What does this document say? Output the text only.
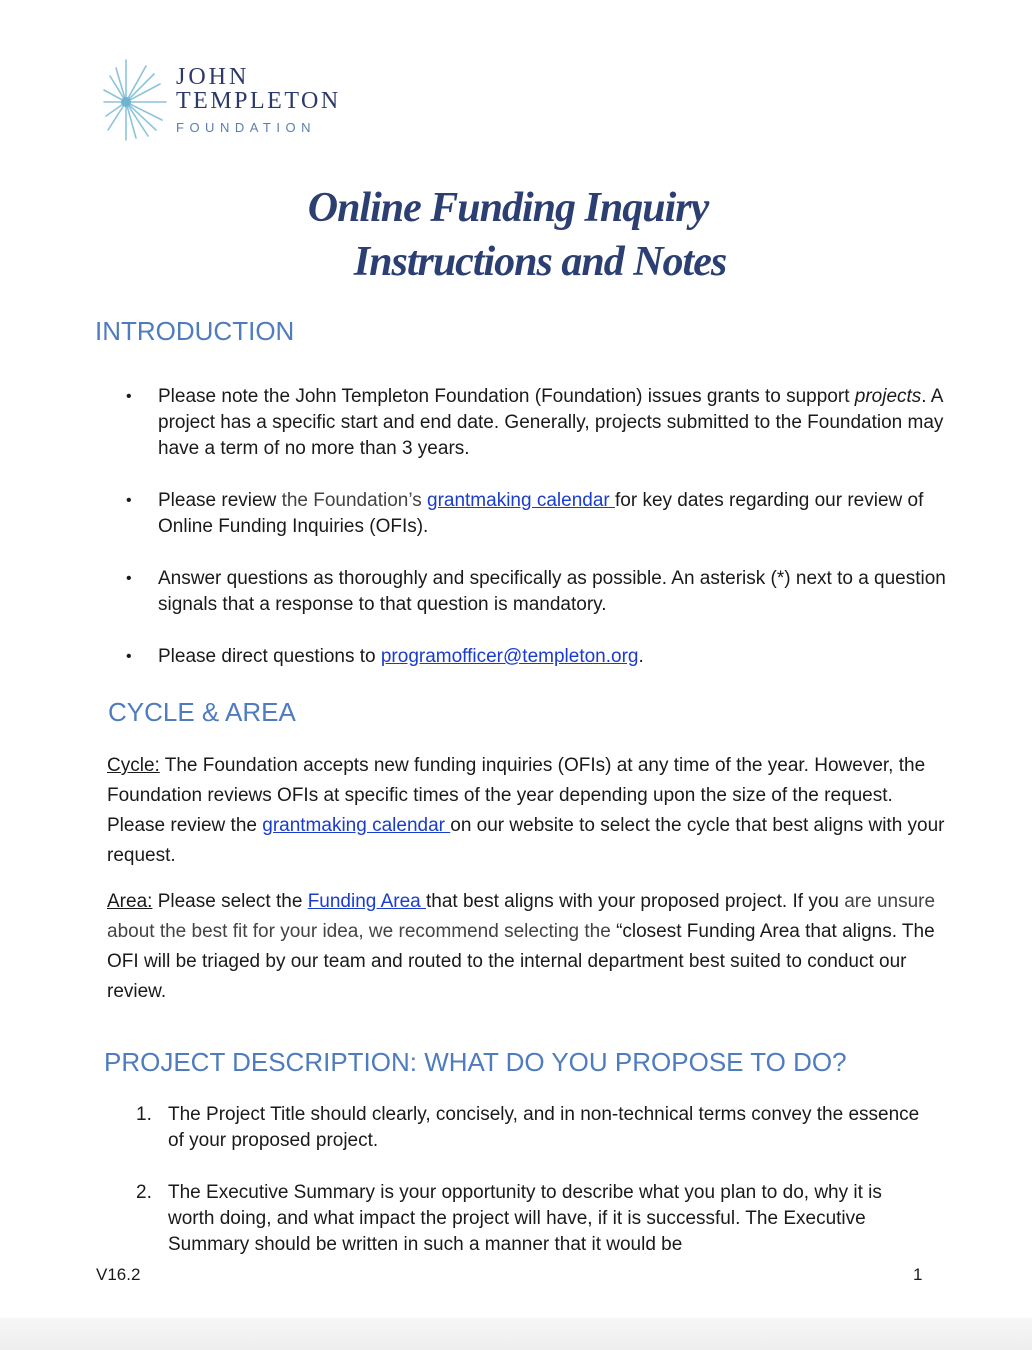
JOHN
TEMPLETON
FOUNDATION
Online Funding Inquiry
Instructions and Notes
INTRODUCTION
• Please note the John Templeton Foundation (Foundation) issues grants to support projects. A project has a specific start and end date. Generally, projects submitted to the Foundation may have a term of no more than 3 years.
• Please review the Foundation’s grantmaking calendar for key dates regarding our review of Online Funding Inquiries (OFIs).
• Answer questions as thoroughly and specifically as possible. An asterisk (*) next to a question signals that a response to that question is mandatory.
• Please direct questions to programofficer@templeton.org.
CYCLE & AREA
Cycle: The Foundation accepts new funding inquiries (OFIs) at any time of the year. However, the Foundation reviews OFIs at specific times of the year depending upon the size of the request. Please review the grantmaking calendar on our website to select the cycle that best aligns with your request.
Area: Please select the Funding Area that best aligns with your proposed project. If you are unsure about the best fit for your idea, we recommend selecting the “closest Funding Area that aligns. The OFI will be triaged by our team and routed to the internal department best suited to conduct our review.
PROJECT DESCRIPTION: WHAT DO YOU PROPOSE TO DO?
1. The Project Title should clearly, concisely, and in non-technical terms convey the essence of your proposed project.
2. The Executive Summary is your opportunity to describe what you plan to do, why it is worth doing, and what impact the project will have, if it is successful. The Executive Summary should be written in such a manner that it would be
V16.2	1
